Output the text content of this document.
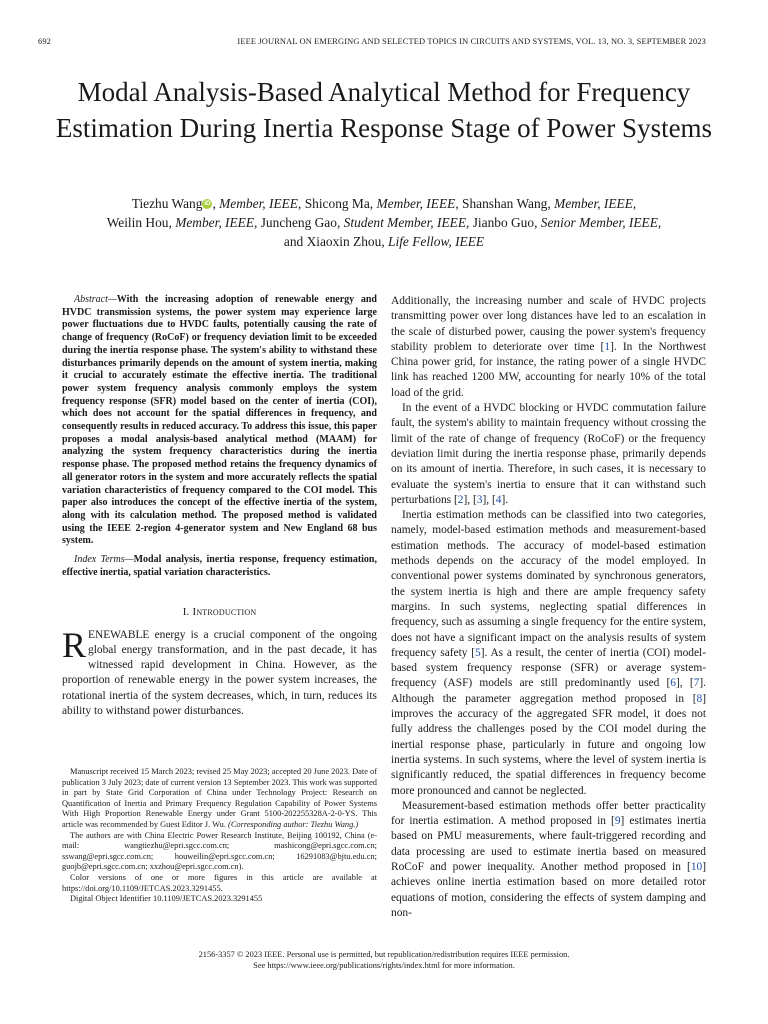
692	IEEE JOURNAL ON EMERGING AND SELECTED TOPICS IN CIRCUITS AND SYSTEMS, VOL. 13, NO. 3, SEPTEMBER 2023
Modal Analysis-Based Analytical Method for Frequency Estimation During Inertia Response Stage of Power Systems
Tiezhu Wang iD , Member, IEEE, Shicong Ma, Member, IEEE, Shanshan Wang, Member, IEEE,
Weilin Hou, Member, IEEE, Juncheng Gao, Student Member, IEEE, Jianbo Guo, Senior Member, IEEE,
and Xiaoxin Zhou, Life Fellow, IEEE

Abstract—With the increasing adoption of renewable energy and HVDC transmission systems, the power system may experience large power fluctuations due to HVDC faults, potentially causing the rate of change of frequency (RoCoF) or frequency deviation limit to be exceeded during the inertia response phase. The system's ability to withstand these disturbances primarily depends on the amount of system inertia, making it crucial to accurately estimate the effective inertia. The traditional power system frequency analysis commonly employs the system frequency response (SFR) model based on the center of inertia (COI), which does not account for the spatial differences in frequency, and consequently results in reduced accuracy. To address this issue, this paper proposes a modal analysis-based analytical method (MAAM) for analyzing the system frequency characteristics during the inertia response phase. The proposed method retains the frequency dynamics of all generator rotors in the system and more accurately reflects the spatial variation characteristics of frequency compared to the COI model. This paper also introduces the concept of the effective inertia of the system, along with its calculation method. The proposed method is validated using the IEEE 2-region 4-generator system and New England 68 bus system.

Index Terms—Modal analysis, inertia response, frequency estimation, effective inertia, spatial variation characteristics.

I. Introduction

RENEWABLE energy is a crucial component of the ongoing global energy transformation, and in the past decade, it has witnessed rapid development in China. However, as the proportion of renewable energy in the power system increases, the rotational inertia of the system decreases, which, in turn, reduces its ability to withstand power disturbances.

Manuscript received 15 March 2023; revised 25 May 2023; accepted 20 June 2023. Date of publication 3 July 2023; date of current version 13 September 2023. This work was supported in part by State Grid Corporation of China under Technology Project: Research on Quantification of Inertia and Primary Frequency Regulation Capability of Power Systems With High Proportion Renewable Energy under Grant 5100-202255328A-2-0-YS. This article was recommended by Guest Editor J. Wu. (Corresponding author: Tiezhu Wang.)

The authors are with China Electric Power Research Institute, Beijing 100192, China (e-mail: wangtiezhu@epri.sgcc.com.cn; mashicong@epri.sgcc.com.cn; sswang@epri.sgcc.com.cn; houweilin@epri.sgcc.com.cn; 16291083@bjtu.edu.cn; guojb@epri.sgcc.com.cn; xxzhou@epri.sgcc.com.cn).

Color versions of one or more figures in this article are available at https://doi.org/10.1109/JETCAS.2023.3291455.

Digital Object Identifier 10.1109/JETCAS.2023.3291455

Additionally, the increasing number and scale of HVDC projects transmitting power over long distances have led to an escalation in the scale of disturbed power, causing the power system's frequency stability problem to deteriorate over time [1]. In the Northwest China power grid, for instance, the rating power of a single HVDC link has reached 1200 MW, accounting for nearly 10% of the total load of the grid.

In the event of a HVDC blocking or HVDC commutation failure fault, the system's ability to maintain frequency without crossing the limit of the rate of change of frequency (RoCoF) or the frequency deviation limit during the inertia response phase, primarily depends on its amount of inertia. Therefore, in such cases, it is necessary to evaluate the system's inertia to ensure that it can withstand such perturbations [2], [3], [4].

Inertia estimation methods can be classified into two categories, namely, model-based estimation methods and measurement-based estimation methods. The accuracy of model-based estimation methods depends on the accuracy of the model employed. In conventional power systems dominated by synchronous generators, the system inertia is high and there are ample frequency safety margins. In such systems, neglecting spatial differences in frequency, such as assuming a single frequency for the entire system, does not have a significant impact on the analysis results of system frequency safety [5]. As a result, the center of inertia (COI) model-based system frequency response (SFR) or average system-frequency (ASF) models are still predominantly used [6], [7]. Although the parameter aggregation method proposed in [8] improves the accuracy of the aggregated SFR model, it does not fully address the challenges posed by the COI model during the inertial response phase, particularly in future and ongoing low inertia systems. In such systems, where the level of system inertia is significantly reduced, the spatial differences in frequency become more pronounced and cannot be neglected.

Measurement-based estimation methods offer better practicality for inertia estimation. A method proposed in [9] estimates inertia based on PMU measurements, where fault-triggered recording and data processing are used to estimate inertia based on measured RoCoF and power inequality. Another method proposed in [10] achieves online inertia estimation based on more detailed rotor equations of motion, considering the effects of system damping and non-

2156-3357 © 2023 IEEE. Personal use is permitted, but republication/redistribution requires IEEE permission.
See https://www.ieee.org/publications/rights/index.html for more information.
